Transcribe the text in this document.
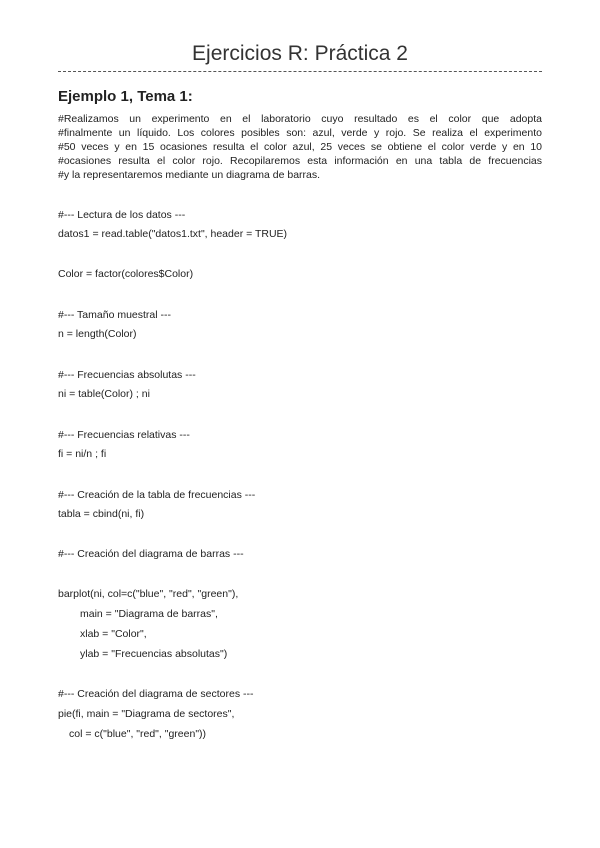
Ejercicios R: Práctica 2
Ejemplo 1, Tema 1:
#Realizamos un experimento en el laboratorio cuyo resultado es el color que adopta
#finalmente un líquido. Los colores posibles son: azul, verde y rojo. Se realiza el experimento
#50 veces y en 15 ocasiones resulta el color azul, 25 veces se obtiene el color verde y en 10
#ocasiones resulta el color rojo. Recopilaremos esta información en una tabla de frecuencias
#y la representaremos mediante un diagrama de barras.
#--- Lectura de los datos ---
datos1 = read.table("datos1.txt", header = TRUE)
Color = factor(colores$Color)
#--- Tamaño muestral ---
n = length(Color)
#--- Frecuencias absolutas ---
ni = table(Color) ; ni
#--- Frecuencias relativas ---
fi = ni/n ; fi
#--- Creación de la tabla de frecuencias ---
tabla = cbind(ni, fi)
#--- Creación del diagrama de barras ---
barplot(ni, col=c("blue", "red", "green"),
main = "Diagrama de barras",
xlab = "Color",
ylab = "Frecuencias absolutas")
#--- Creación del diagrama de sectores ---
pie(fi, main = "Diagrama de sectores",
col = c("blue", "red", "green"))
